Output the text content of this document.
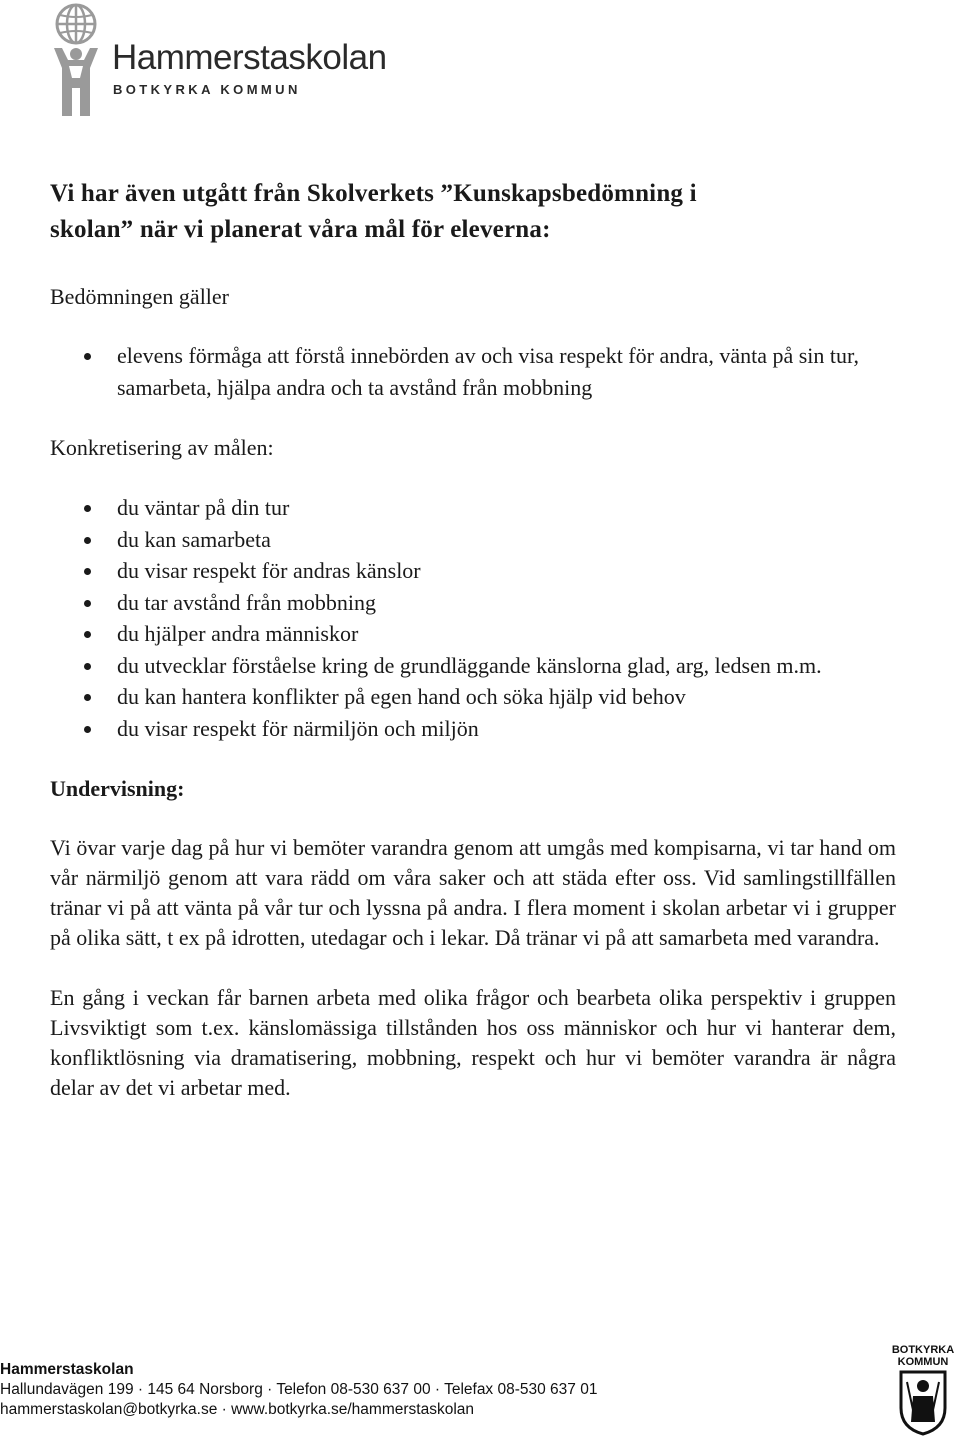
Hammerstaskolan
BOTKYRKA KOMMUN

Vi har även utgått från Skolverkets ”Kunskapsbedömning i
skolan” när vi planerat våra mål för eleverna:

Bedömningen gäller
elevens förmåga att förstå innebörden av och visa respekt för andra, vänta på sin tur, samarbeta, hjälpa andra och ta avstånd från mobbning
Konkretisering av målen:
du väntar på din tur
du kan samarbeta
du visar respekt för andras känslor
du tar avstånd från mobbning
du hjälper andra människor
du utvecklar förståelse kring de grundläggande känslorna glad, arg, ledsen m.m.
du kan hantera konflikter på egen hand och söka hjälp vid behov
du visar respekt för närmiljön och miljön
Undervisning:

Vi övar varje dag på hur vi bemöter varandra genom att umgås med kompisarna, vi tar hand om vår närmiljö genom att vara rädd om våra saker och att städa efter oss. Vid samlingstillfällen tränar vi på att vänta på vår tur och lyssna på andra. I flera moment i skolan arbetar vi i grupper på olika sätt, t ex på idrotten, utedagar och i lekar. Då tränar vi på att samarbeta med varandra.

En gång i veckan får barnen arbeta med olika frågor och bearbeta olika perspektiv i gruppen Livsviktigt som t.ex. känslomässiga tillstånden hos oss människor och hur vi hanterar dem, konfliktlösning via dramatisering, mobbning, respekt och hur vi bemöter varandra är några delar av det vi arbetar med.

Hammerstaskolan
Hallundavägen 199 · 145 64 Norsborg · Telefon 08-530 637 00 · Telefax 08-530 637 01
hammerstaskolan@botkyrka.se · www.botkyrka.se/hammerstaskolan
BOTKYRKA
KOMMUN
